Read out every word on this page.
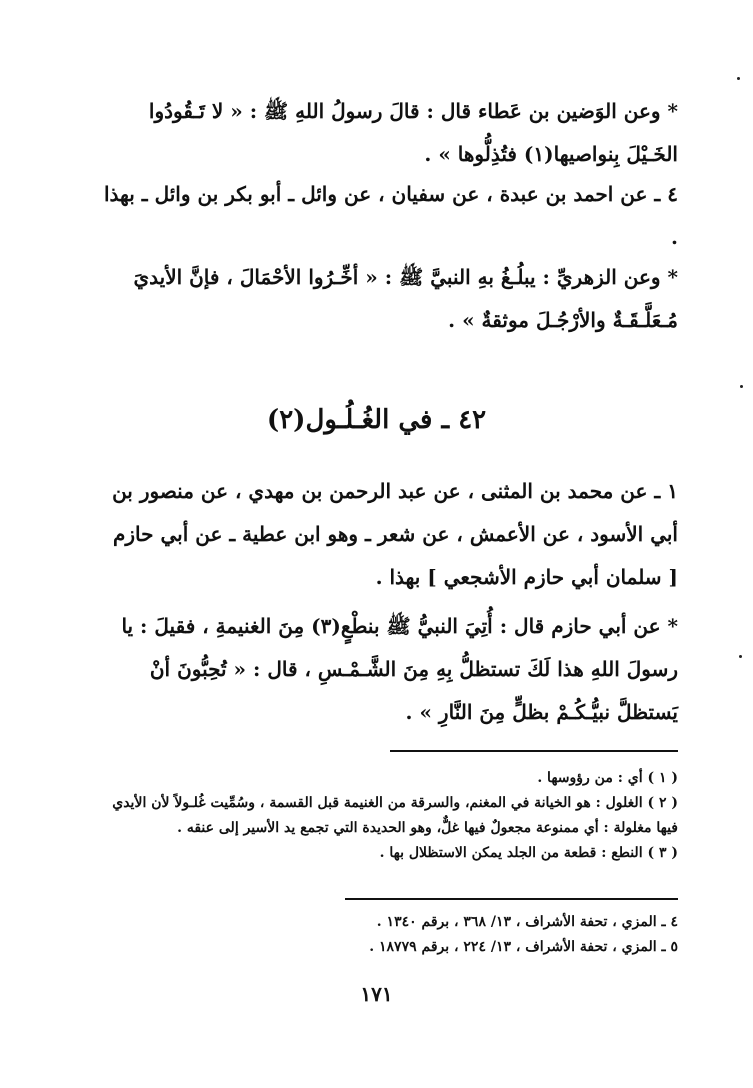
* وعن الوَضين بن عَطاء قال : قالَ رسولُ اللهِ ﷺ : « لا تَـقُودُوا الخَـيْلَ بِنواصيها(١) فتُذِلُّوها » .
٤ ـ عن احمد بن عبدة ، عن سفيان ، عن وائل ـ أبو بكر بن وائل ـ بهذا .
* وعن الزهريِّ : يبلُـغُ بهِ النبيَّ ﷺ : « أخِّـرُوا الأحْمَالَ ، فإنَّ الأيديَ مُـعَلَّـقَـةٌ والأرْجُـلَ موثقةٌ » .
٤٢ ـ في الغُـلُـول(٢)
١ ـ عن محمد بن المثنى ، عن عبد الرحمن بن مهدي ، عن منصور بن أبي الأسود ، عن الأعمش ، عن شعر ـ وهو ابن عطية ـ عن أبي حازم [ سلمان أبي حازم الأشجعي ] بهذا .
* عن أبي حازم قال : أُتِيَ النبيُّ ﷺ بنطْعٍ(٣) مِنَ الغنيمةِ ، فقيلَ : يا رسولَ اللهِ هذا لَكَ تستظلُّ بِهِ مِنَ الشَّـمْـسِ ، قال : « تُحِبُّونَ أنْ يَستظلَّ نبيُّـكُـمْ بظلٍّ مِنَ النَّارِ » .
( ١ ) أي : من رؤوسها .
( ٢ ) الغلول : هو الخيانة في المغنم، والسرقة من الغنيمة قبل القسمة ، وسُمِّيت غُلـولاً لأن الأيدي فيها مغلولة : أي ممنوعة مجعولٌ فيها غلٌّ، وهو الحديدة التي تجمع يد الأسير إلى عنقه .
( ٣ ) النطع : قطعة من الجلد يمكن الاستظلال بها .
٤ ـ المزي ، تحفة الأشراف ، ١٣/ ٣٦٨ ، برقم ١٣٤٠ .
٥ ـ المزي ، تحفة الأشراف ، ١٣/ ٢٢٤ ، برقم ١٨٧٧٩ .
١٧١
